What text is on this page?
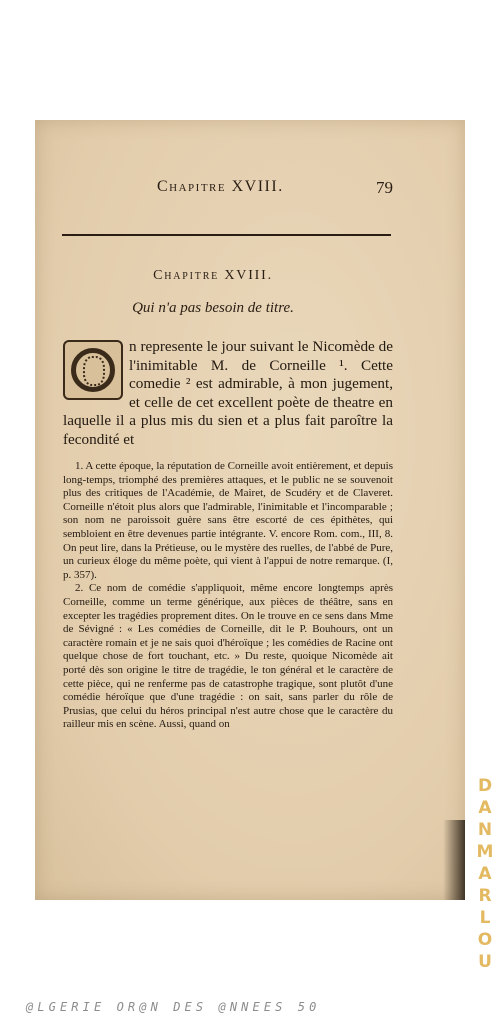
Chapitre XVIII.	79
Chapitre XVIII.
Qui n'a pas besoin de titre.

n represente le jour suivant le Nicomède de l'inimitable M. de Corneille ¹. Cette comedie ² est admirable, à mon jugement, et celle de cet excellent poète de theatre en laquelle il a plus mis du sien et a plus fait paroître la fecondité et

1. A cette époque, la réputation de Corneille avoit entièrement, et depuis long-temps, triomphé des premières attaques, et le public ne se souvenoit plus des critiques de l'Académie, de Mairet, de Scudéry et de Claveret. Corneille n'étoit plus alors que l'admirable, l'inimitable et l'incomparable ; son nom ne paroissoit guère sans être escorté de ces épithètes, qui sembloient en être devenues partie intégrante. V. encore Rom. com., III, 8. On peut lire, dans la Prétieuse, ou le mystère des ruelles, de l'abbé de Pure, un curieux éloge du même poète, qui vient à l'appui de notre remarque. (I, p. 357).

2. Ce nom de comédie s'appliquoit, même encore longtemps après Corneille, comme un terme générique, aux pièces de théâtre, sans en excepter les tragédies proprement dites. On le trouve en ce sens dans Mme de Sévigné : « Les comédies de Corneille, dit le P. Bouhours, ont un caractère romain et je ne sais quoi d'héroïque ; les comédies de Racine ont quelque chose de fort touchant, etc. » Du reste, quoique Nicomède ait porté dès son origine le titre de tragédie, le ton général et le caractère de cette pièce, qui ne renferme pas de catastrophe tragique, sont plutôt d'une comédie héroïque que d'une tragédie : on sait, sans parler du rôle de Prusias, que celui du héros principal n'est autre chose que le caractère du railleur mis en scène. Aussi, quand on

DANMARLOU
@LGERIE OR@N DES @NNEES 50
